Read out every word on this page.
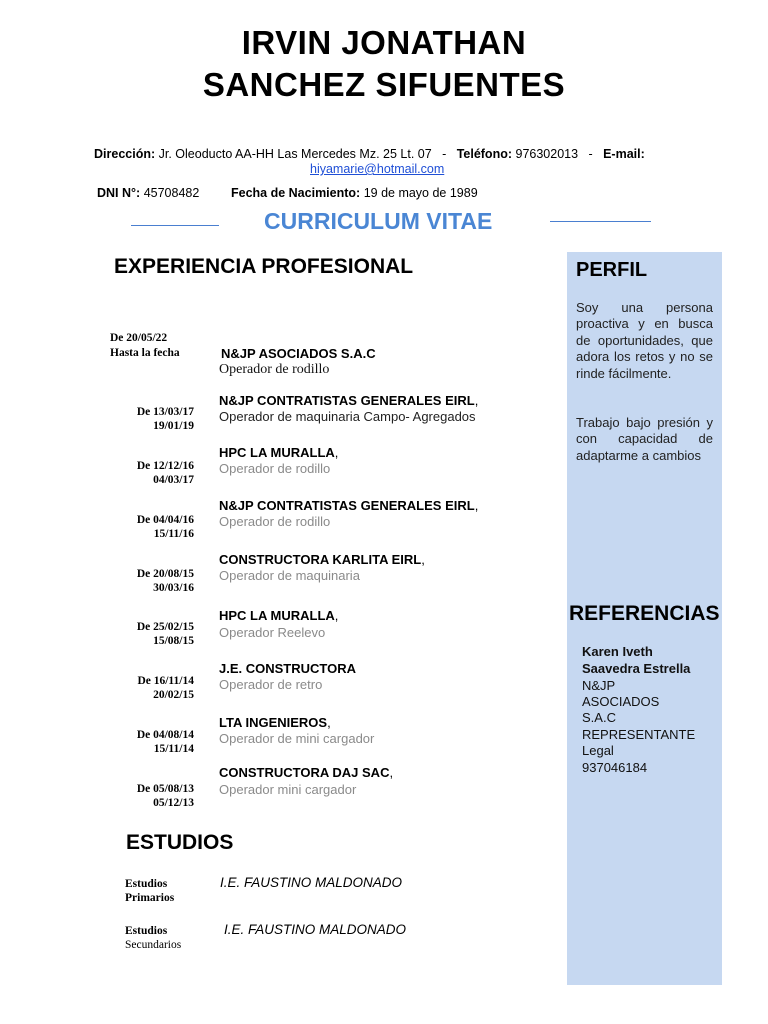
IRVIN JONATHAN
SANCHEZ SIFUENTES
Dirección: Jr. Oleoducto AA-HH Las Mercedes Mz. 25 Lt. 07 - Teléfono: 976302013 - E-mail:
hiyamarie@hotmail.com
DNI N°: 45708482	Fecha de Nacimiento: 19 de mayo de 1989
CURRICULUM VITAE
EXPERIENCIA PROFESIONAL
De 20/05/22
Hasta la fecha	N&JP ASOCIADOS S.A.C
Operador de rodillo
N&JP CONTRATISTAS GENERALES EIRL,
Operador de maquinaria Campo- Agregados
De 13/03/17
19/01/19
HPC LA MURALLA,
Operador de rodillo
De 12/12/16
04/03/17
N&JP CONTRATISTAS GENERALES EIRL,
Operador de rodillo
De 04/04/16
15/11/16
CONSTRUCTORA KARLITA EIRL,
Operador de maquinaria
De 20/08/15
30/03/16
HPC LA MURALLA,
Operador Reelevo
De 25/02/15
15/08/15
J.E. CONSTRUCTORA
Operador de retro
De 16/11/14
20/02/15
LTA INGENIEROS,
Operador de mini cargador
De 04/08/14
15/11/14
CONSTRUCTORA DAJ SAC,
Operador mini cargador
De 05/08/13
05/12/13
ESTUDIOS
Estudios
Primarios
I.E. FAUSTINO MALDONADO
Estudios
Secundarios
I.E. FAUSTINO MALDONADO
PERFIL
Soy una persona proactiva y en busca de oportunidades, que adora los retos y no se rinde fácilmente.
Trabajo bajo presión y con capacidad de adaptarme a cambios
REFERENCIAS
Karen Iveth
Saavedra Estrella
N&JP
ASOCIADOS
S.A.C
REPRESENTANTE
Legal
937046184
